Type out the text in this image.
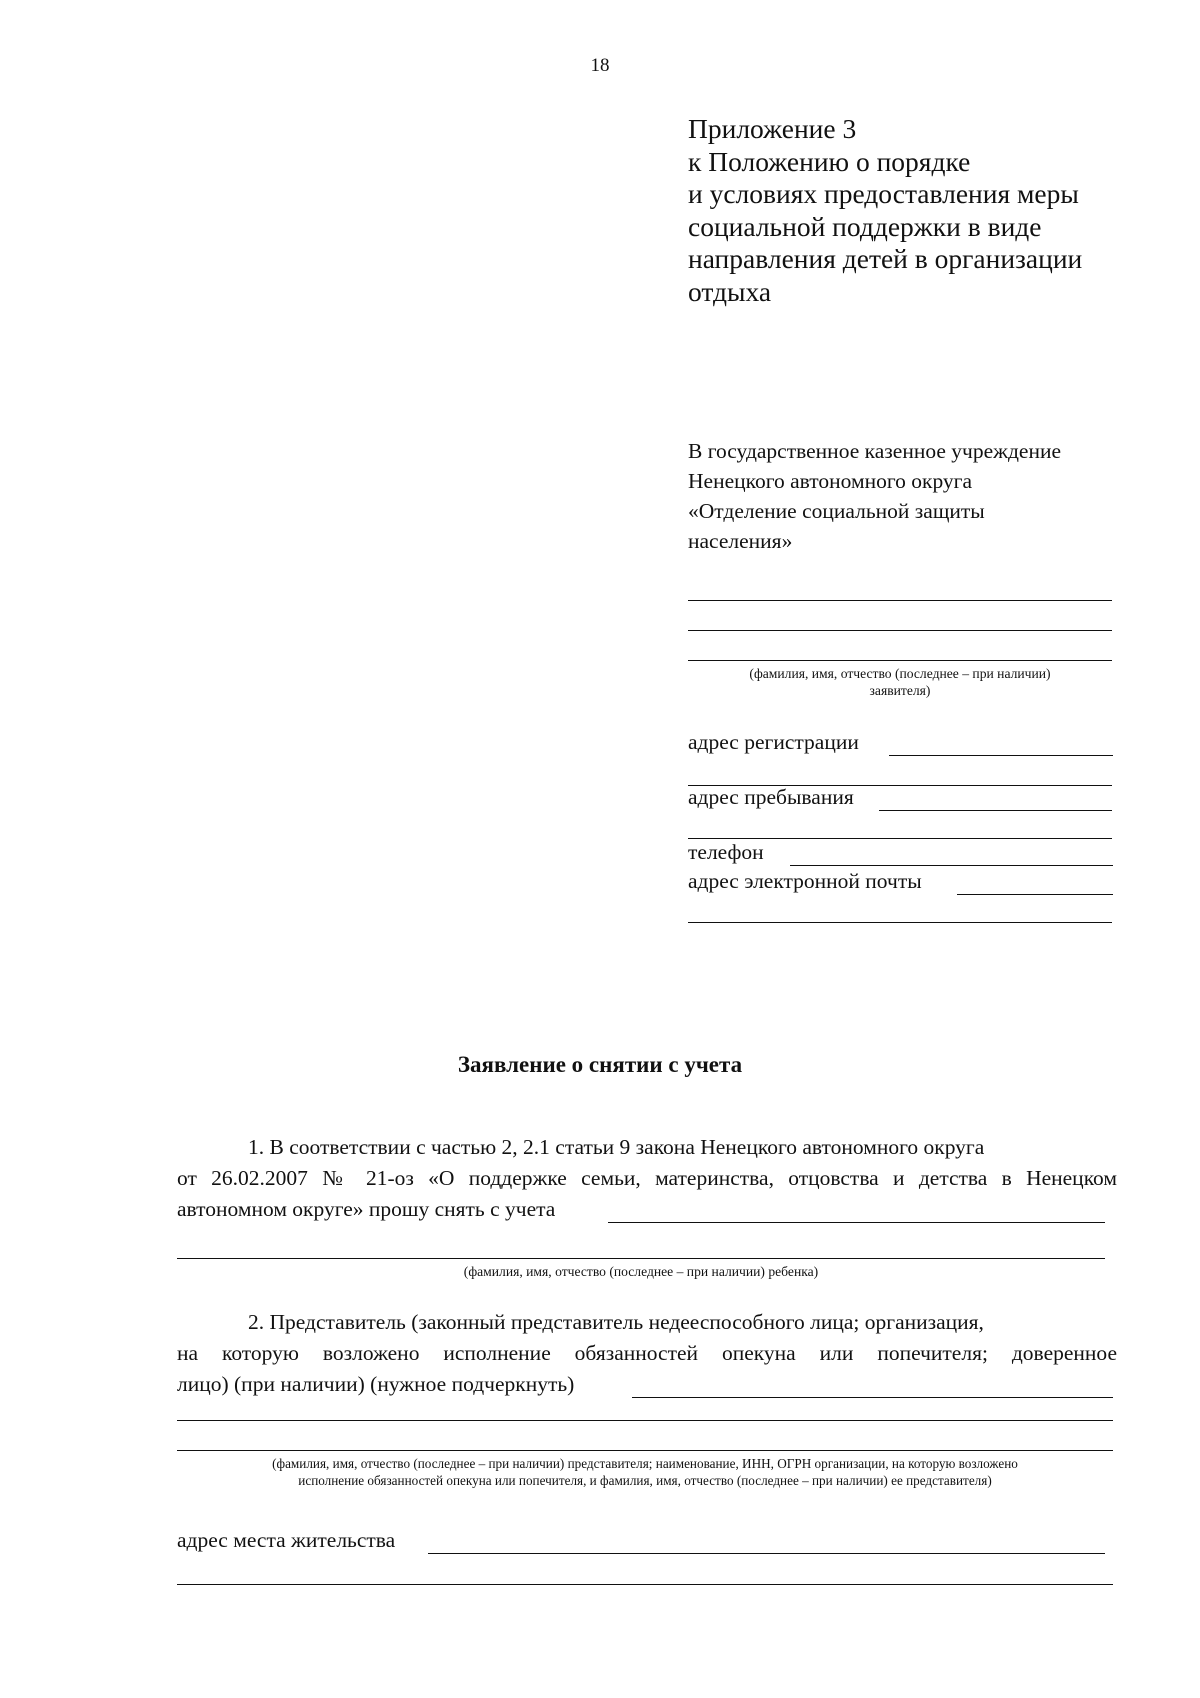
18
Приложение 3
к Положению о порядке
и условиях предоставления меры
социальной поддержки в виде
направления детей в организации
отдыха
В государственное казенное учреждение
Ненецкого автономного округа
«Отделение социальной защиты
населения»
(фамилия, имя, отчество (последнее – при наличии)
заявителя)
адрес регистрации
адрес пребывания
телефон
адрес электронной почты
Заявление о снятии с учета
1. В соответствии с частью 2, 2.1 статьи 9 закона Ненецкого автономного округа
от 26.02.2007 № 21-оз «О поддержке семьи, материнства, отцовства и детства в Ненецком
автономном округе» прошу снять с учета
(фамилия, имя, отчество (последнее – при наличии) ребенка)
2. Представитель (законный представитель недееспособного лица; организация,
на которую возложено исполнение обязанностей опекуна или попечителя; доверенное
лицо) (при наличии) (нужное подчеркнуть)
(фамилия, имя, отчество (последнее – при наличии) представителя; наименование, ИНН, ОГРН организации, на которую возложено
исполнение обязанностей опекуна или попечителя, и фамилия, имя, отчество (последнее – при наличии) ее представителя)
адрес места жительства
